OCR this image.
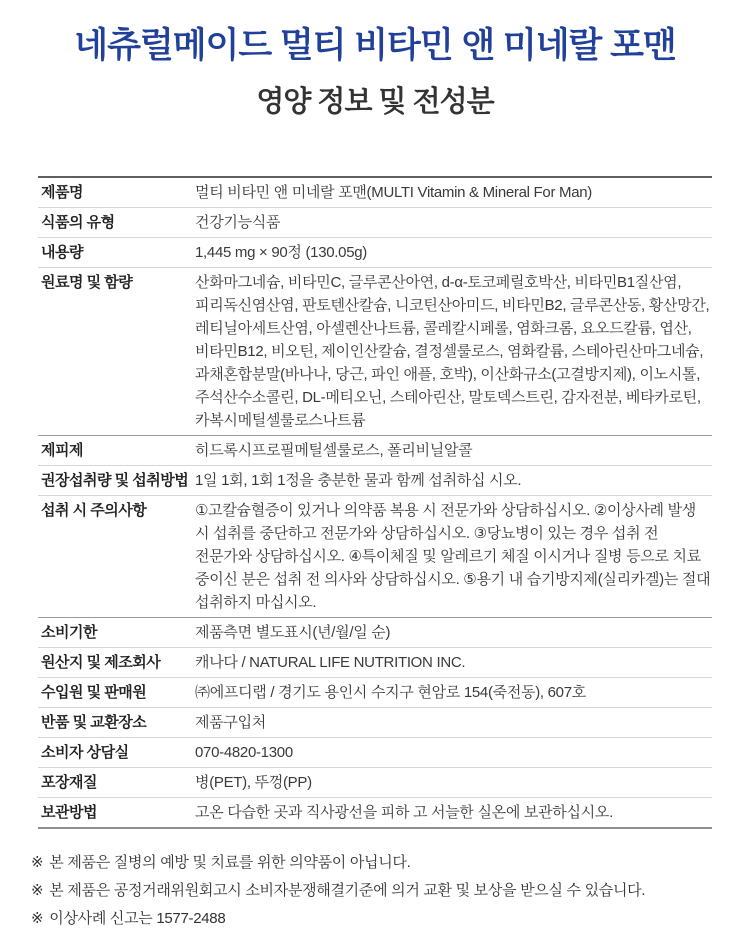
네츄럴메이드 멀티 비타민 앤 미네랄 포맨
영양 정보 및 전성분
제품명	멀티 비타민 앤 미네랄 포맨(MULTI Vitamin & Mineral For Man)
식품의 유형	건강기능식품
내용량	1,445 mg × 90정 (130.05g)
원료명 및 함량	산화마그네슘, 비타민C, 글루콘산아연, d-α-토코페릴호박산, 비타민B1질산염, 피리독신염산염, 판토텐산칼슘, 니코틴산아미드, 비타민B2, 글루콘산동, 황산망간, 레티닐아세트산염, 아셀렌산나트륨, 콜레칼시페롤, 염화크롬, 요오드칼륨, 엽산, 비타민B12, 비오틴, 제이인산칼슘, 결정셀룰로스, 염화칼륨, 스테아린산마그네슘, 과채혼합분말(바나나, 당근, 파인 애플, 호박), 이산화규소(고결방지제), 이노시톨, 주석산수소콜린, DL-메티오닌, 스테아린산, 말토덱스트린, 감자전분, 베타카로틴, 카복시메틸셀룰로스나트륨
제피제	히드록시프로필메틸셀룰로스, 폴리비닐알콜
권장섭취량 및 섭취방법 1일 1회, 1회 1정을 충분한 물과 함께 섭취하십 시오.
섭취 시 주의사항	①고칼슘혈증이 있거나 의약품 복용 시 전문가와 상담하십시오. ②이상사례 발생 시 섭취를 중단하고 전문가와 상담하십시오. ③당뇨병이 있는 경우 섭취 전 전문가와 상담하십시오. ④특이체질 및 알레르기 체질 이시거나 질병 등으로 치료 중이신 분은 섭취 전 의사와 상담하십시오. ⑤용기 내 습기방지제(실리카겔)는 절대 섭취하지 마십시오.
소비기한	제품측면 별도표시(년/월/일 순)
원산지 및 제조회사	캐나다 / NATURAL LIFE NUTRITION INC.
수입원 및 판매원	㈜에프디랩 / 경기도 용인시 수지구 현암로 154(죽전동), 607호
반품 및 교환장소	제품구입처
소비자 상담실	070-4820-1300
포장재질	병(PET), 뚜껑(PP)
보관방법	고온 다습한 곳과 직사광선을 피하 고 서늘한 실온에 보관하십시오.
※ 본 제품은 질병의 예방 및 치료를 위한 의약품이 아닙니다.
※ 본 제품은 공정거래위원회고시 소비자분쟁해결기준에 의거 교환 및 보상을 받으실 수 있습니다.
※ 이상사례 신고는 1577-2488
